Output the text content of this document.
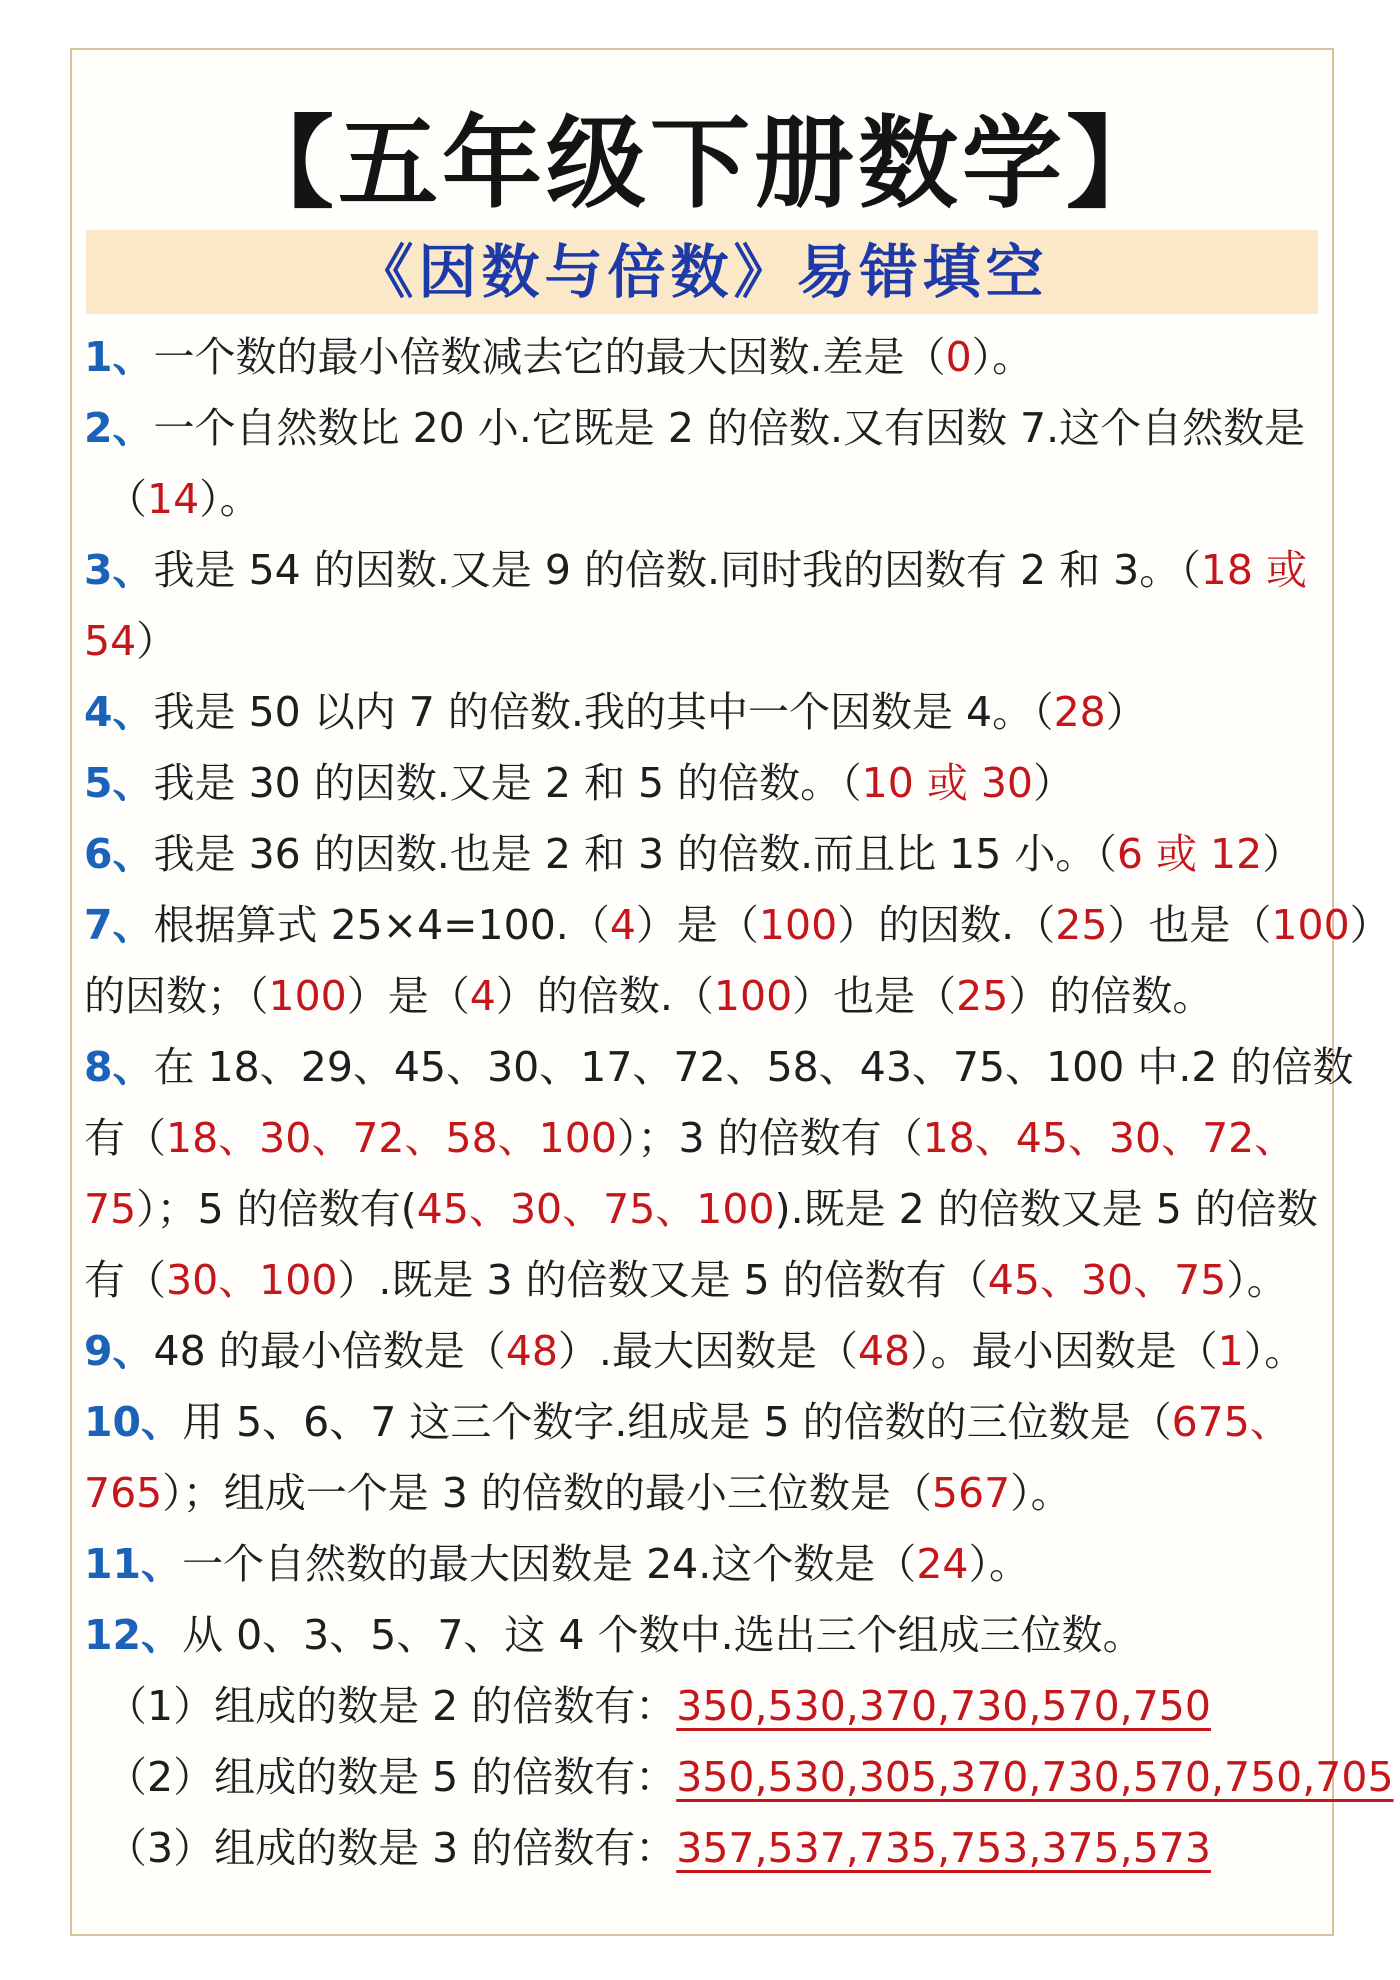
【五年级下册数学】
《因数与倍数》易错填空
1、一个数的最小倍数减去它的最大因数.差是（0）。
2、一个自然数比 20 小.它既是 2 的倍数.又有因数 7.这个自然数是
（14）。
3、我是 54 的因数.又是 9 的倍数.同时我的因数有 2 和 3。（18 或
54）
4、我是 50 以内 7 的倍数.我的其中一个因数是 4。（28）
5、我是 30 的因数.又是 2 和 5 的倍数。（10 或 30）
6、我是 36 的因数.也是 2 和 3 的倍数.而且比 15 小。（6 或 12）
7、根据算式 25×4=100.（4）是（100）的因数.（25）也是（100）
的因数；（100）是（4）的倍数.（100）也是（25）的倍数。
8、在 18、29、45、30、17、72、58、43、75、100 中.2 的倍数
有（18、30、72、58、100）；3 的倍数有（18、45、30、72、
75）；5 的倍数有(45、30、75、100).既是 2 的倍数又是 5 的倍数
有（30、100）.既是 3 的倍数又是 5 的倍数有（45、30、75）。
9、48 的最小倍数是（48）.最大因数是（48）。最小因数是（1）。
10、用 5、6、7 这三个数字.组成是 5 的倍数的三位数是（675、
765）；组成一个是 3 的倍数的最小三位数是（567）。
11、一个自然数的最大因数是 24.这个数是（24）。
12、从 0、3、5、7、这 4 个数中.选出三个组成三位数。
（1）组成的数是 2 的倍数有：350,530,370,730,570,750
（2）组成的数是 5 的倍数有：350,530,305,370,730,570,750,705
（3）组成的数是 3 的倍数有：357,537,735,753,375,573
